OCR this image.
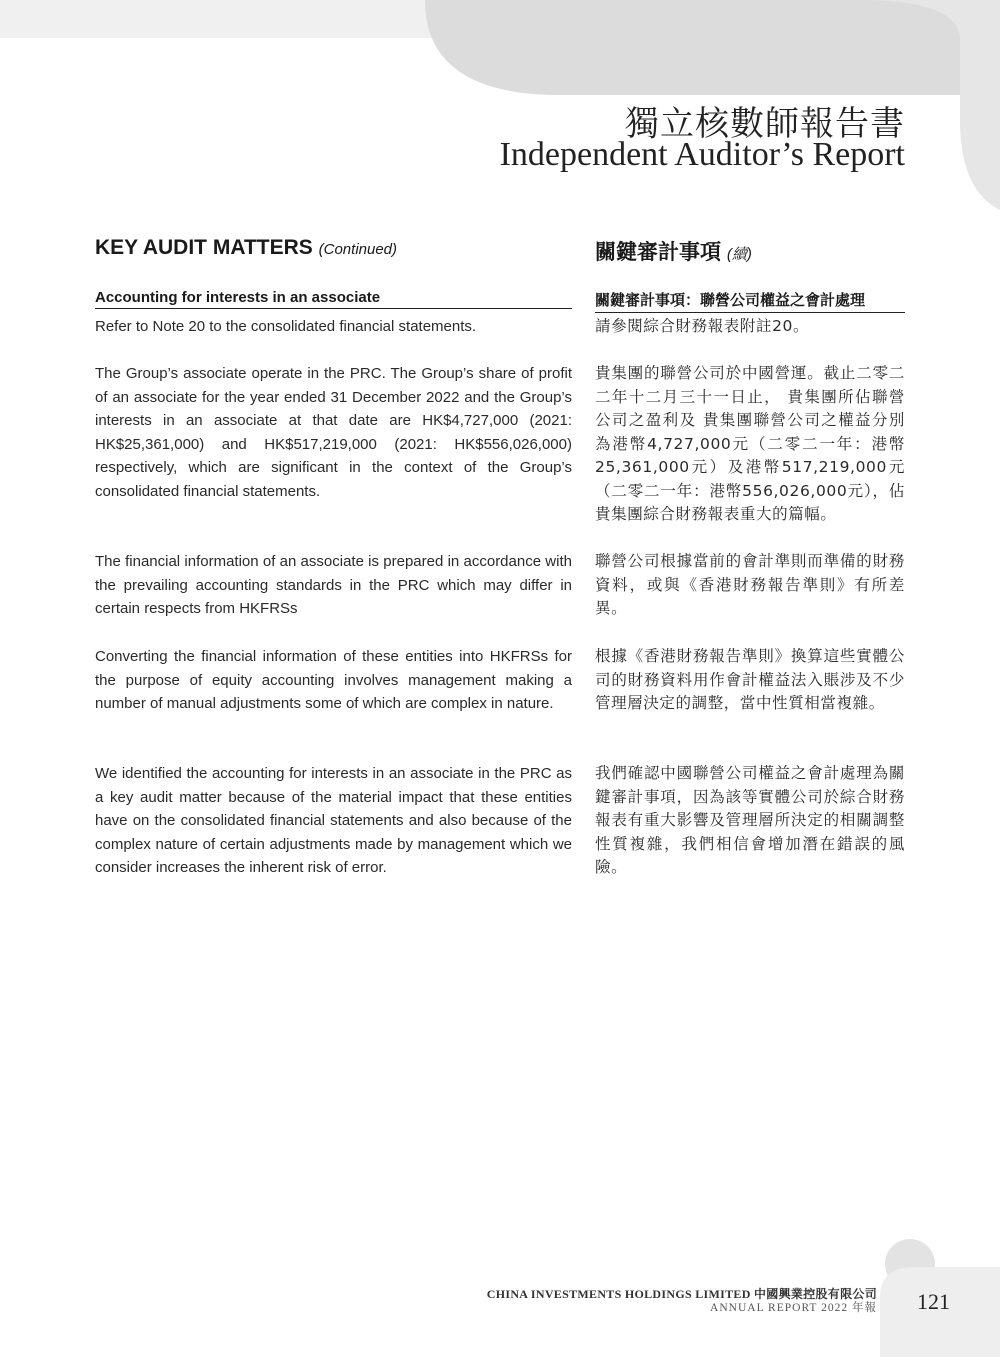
獨立核數師報告書
Independent Auditor’s Report
KEY AUDIT MATTERS (Continued)	關鍵審計事項 (續)
Accounting for interests in an associate	關鍵審計事項：聯營公司權益之會計處理
Refer to Note 20 to the consolidated financial statements.
The Group’s associate operate in the PRC. The Group’s share of profit of an associate for the year ended 31 December 2022 and the Group’s interests in an associate at that date are HK$4,727,000 (2021: HK$25,361,000) and HK$517,219,000 (2021: HK$556,026,000) respectively, which are significant in the context of the Group’s consolidated financial statements.
The financial information of an associate is prepared in accordance with the prevailing accounting standards in the PRC which may differ in certain respects from HKFRSs
Converting the financial information of these entities into HKFRSs for the purpose of equity accounting involves management making a number of manual adjustments some of which are complex in nature.
We identified the accounting for interests in an associate in the PRC as a key audit matter because of the material impact that these entities have on the consolidated financial statements and also because of the complex nature of certain adjustments made by management which we consider increases the inherent risk of error.
請參閱綜合財務報表附註20。
貴集團的聯營公司於中國營運。截止二零二二年十二月三十一日止， 貴集團所佔聯營公司之盈利及 貴集團聯營公司之權益分別為港幣4,727,000元（二零二一年：港幣25,361,000元）及港幣517,219,000元（二零二一年：港幣556,026,000元），佔 貴集團綜合財務報表重大的篇幅。
聯營公司根據當前的會計準則而準備的財務資料，或與《香港財務報告準則》有所差異。
根據《香港財務報告準則》換算這些實體公司的財務資料用作會計權益法入賬涉及不少管理層決定的調整，當中性質相當複雜。
我們確認中國聯營公司權益之會計處理為關鍵審計事項，因為該等實體公司於綜合財務報表有重大影響及管理層所決定的相關調整性質複雜，我們相信會增加潛在錯誤的風險。
CHINA INVESTMENTS HOLDINGS LIMITED 中國興業控股有限公司
ANNUAL REPORT 2022 年報 121
